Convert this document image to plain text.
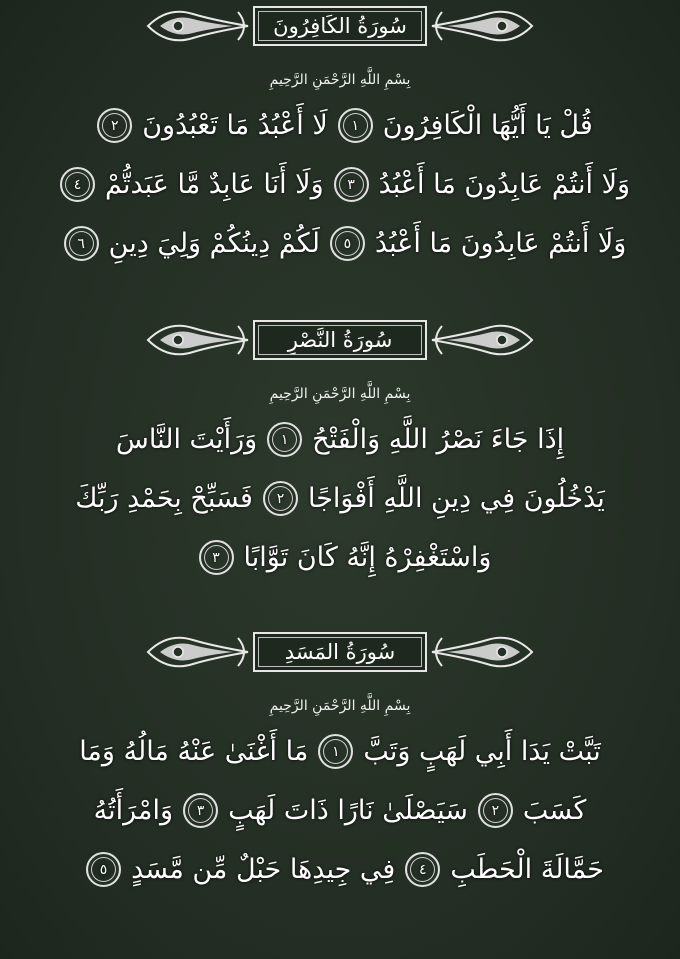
سُورَةُ الكَافِرُونَ
بِسْمِ اللَّهِ الرَّحْمَنِ الرَّحِيمِ
قُلْ يَا أَيُّهَا الْكَافِرُونَ
١
لَا أَعْبُدُ مَا تَعْبُدُونَ
٢
وَلَا أَنتُمْ عَابِدُونَ مَا أَعْبُدُ
٣
وَلَا أَنَا عَابِدٌ مَّا عَبَدتُّمْ
٤
وَلَا أَنتُمْ عَابِدُونَ مَا أَعْبُدُ
٥
لَكُمْ دِينُكُمْ وَلِيَ دِينِ
٦
سُورَةُ النَّصْرِ
بِسْمِ اللَّهِ الرَّحْمَنِ الرَّحِيمِ
إِذَا جَاءَ نَصْرُ اللَّهِ وَالْفَتْحُ
١
وَرَأَيْتَ النَّاسَ
يَدْخُلُونَ فِي دِينِ اللَّهِ أَفْوَاجًا
٢
فَسَبِّحْ بِحَمْدِ رَبِّكَ
وَاسْتَغْفِرْهُ إِنَّهُ كَانَ تَوَّابًا
٣
سُورَةُ المَسَدِ
بِسْمِ اللَّهِ الرَّحْمَنِ الرَّحِيمِ
تَبَّتْ يَدَا أَبِي لَهَبٍ وَتَبَّ
١
مَا أَغْنَىٰ عَنْهُ مَالُهُ وَمَا
كَسَبَ
٢
سَيَصْلَىٰ نَارًا ذَاتَ لَهَبٍ
٣
وَامْرَأَتُهُ
حَمَّالَةَ الْحَطَبِ
٤
فِي جِيدِهَا حَبْلٌ مِّن مَّسَدٍ
٥
